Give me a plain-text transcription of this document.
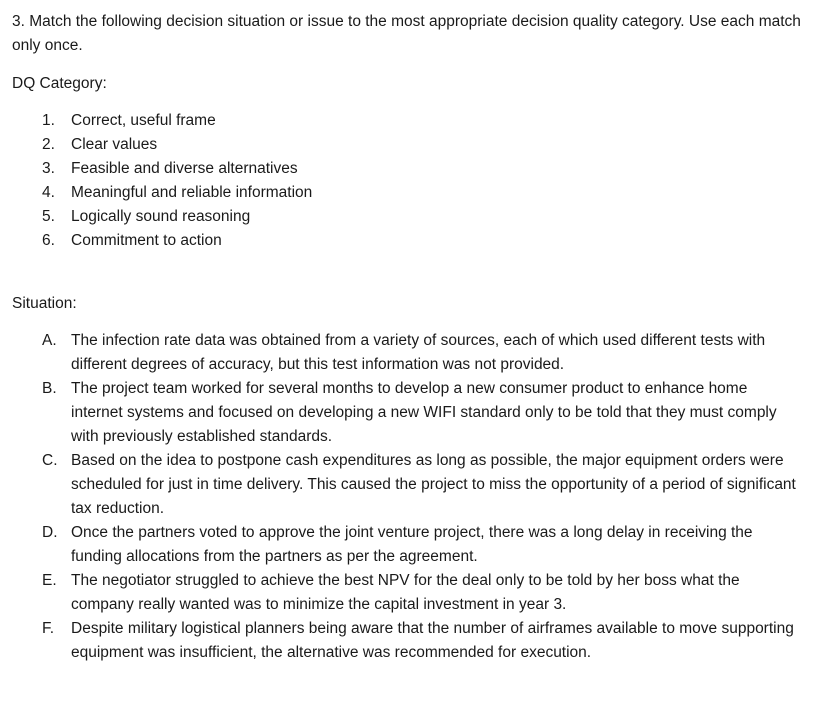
3. Match the following decision situation or issue to the most appropriate decision quality category. Use each match only once.
DQ Category:
1. Correct, useful frame
2. Clear values
3. Feasible and diverse alternatives
4. Meaningful and reliable information
5. Logically sound reasoning
6. Commitment to action
Situation:
A. The infection rate data was obtained from a variety of sources, each of which used different tests with different degrees of accuracy, but this test information was not provided.
B. The project team worked for several months to develop a new consumer product to enhance home internet systems and focused on developing a new WIFI standard only to be told that they must comply with previously established standards.
C. Based on the idea to postpone cash expenditures as long as possible, the major equipment orders were scheduled for just in time delivery. This caused the project to miss the opportunity of a period of significant tax reduction.
D. Once the partners voted to approve the joint venture project, there was a long delay in receiving the funding allocations from the partners as per the agreement.
E. The negotiator struggled to achieve the best NPV for the deal only to be told by her boss what the company really wanted was to minimize the capital investment in year 3.
F. Despite military logistical planners being aware that the number of airframes available to move supporting equipment was insufficient, the alternative was recommended for execution.
